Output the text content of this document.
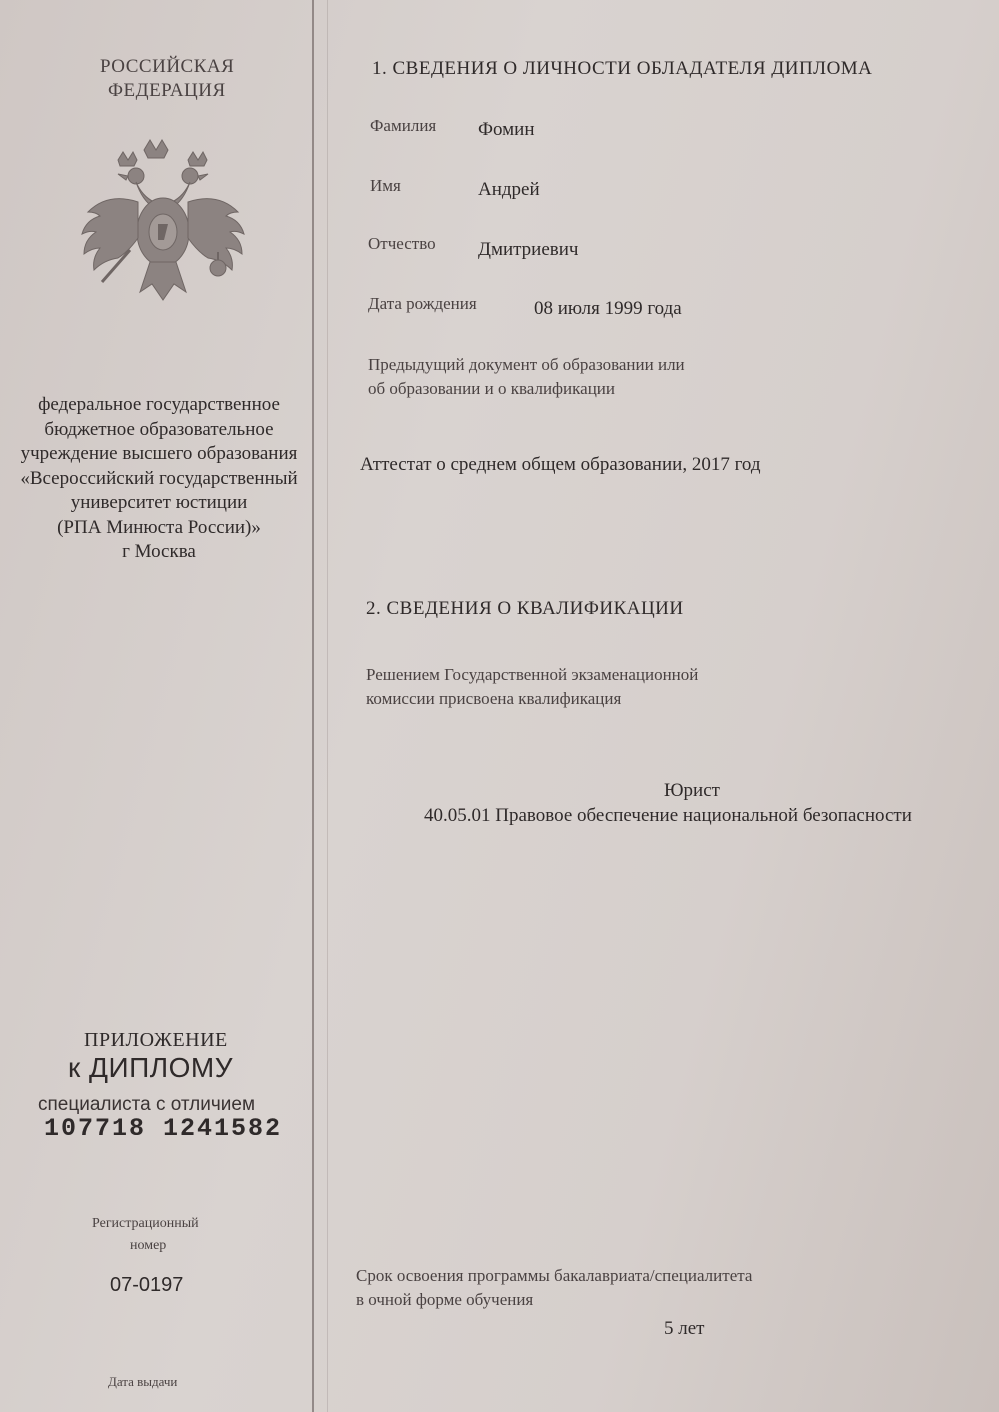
РОССИЙСКАЯ
ФЕДЕРАЦИЯ
федеральное государственное
бюджетное образовательное
учреждение высшего образования
«Всероссийский государственный
университет юстиции
(РПА Минюста России)»
г Москва
ПРИЛОЖЕНИЕ
к ДИПЛОМУ
специалиста с отличием
107718 1241582
Регистрационный
номер
07-0197
Дата выдачи
1. СВЕДЕНИЯ О ЛИЧНОСТИ ОБЛАДАТЕЛЯ ДИПЛОМА
Фамилия Фомин
Имя	Андрей
Отчество Дмитриевич
Дата рождения	08 июля 1999 года
Предыдущий документ об образовании или
об образовании и о квалификации
Аттестат о среднем общем образовании, 2017 год
2. СВЕДЕНИЯ О КВАЛИФИКАЦИИ
Решением Государственной экзаменационной
комиссии присвоена квалификация
Юрист
40.05.01 Правовое обеспечение национальной безопасности
Срок освоения программы бакалавриата/специалитета
в очной форме обучения
5 лет
